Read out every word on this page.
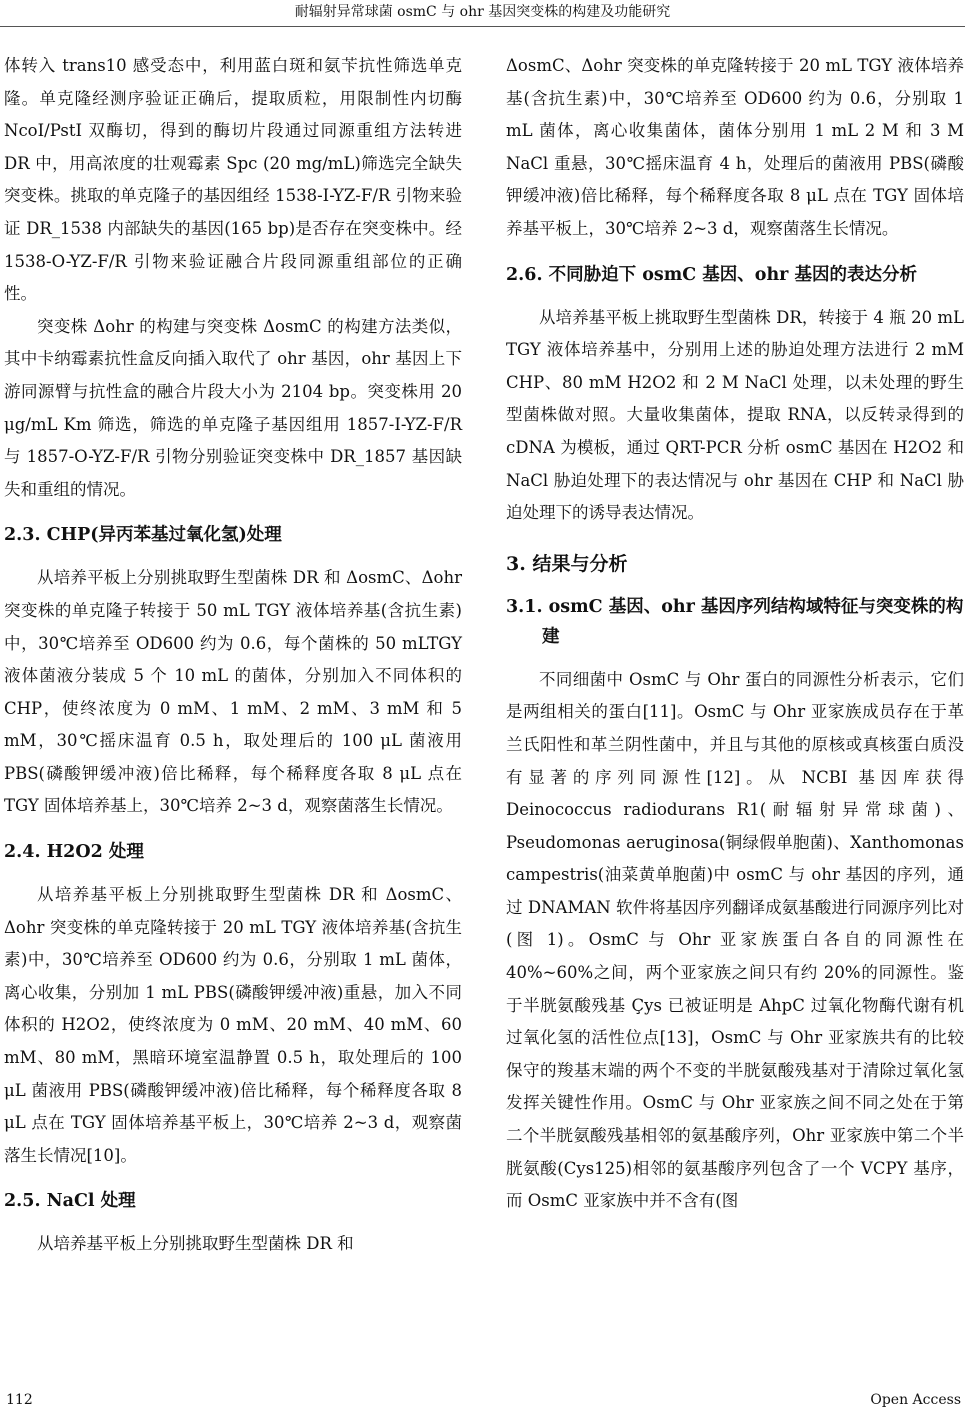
耐辐射异常球菌 osmC 与 ohr 基因突变株的构建及功能研究

体转入 trans10 感受态中，利用蓝白斑和氨苄抗性筛选单克隆。单克隆经测序验证正确后，提取质粒，用限制性内切酶 NcoI/PstI 双酶切，得到的酶切片段通过同源重组方法转进 DR 中，用高浓度的壮观霉素 Spc (20 mg/mL)筛选完全缺失突变株。挑取的单克隆子的基因组经 1538-I-YZ-F/R 引物来验证 DR_1538 内部缺失的基因(165 bp)是否存在突变株中。经 1538-O-YZ-F/R 引物来验证融合片段同源重组部位的正确性。

突变株 Δohr 的构建与突变株 ΔosmC 的构建方法类似，其中卡纳霉素抗性盒反向插入取代了 ohr 基因，ohr 基因上下游同源臂与抗性盒的融合片段大小为 2104 bp。突变株用 20 μg/mL Km 筛选，筛选的单克隆子基因组用 1857-I-YZ-F/R 与 1857-O-YZ-F/R 引物分别验证突变株中 DR_1857 基因缺失和重组的情况。

2.3. CHP(异丙苯基过氧化氢)处理

从培养平板上分别挑取野生型菌株 DR 和 ΔosmC、Δohr 突变株的单克隆子转接于 50 mL TGY 液体培养基(含抗生素)中，30℃培养至 OD600 约为 0.6，每个菌株的 50 mLTGY 液体菌液分装成 5 个 10 mL 的菌体，分别加入不同体积的 CHP，使终浓度为 0 mM、1 mM、2 mM、3 mM 和 5 mM，30℃摇床温育 0.5 h，取处理后的 100 μL 菌液用 PBS(磷酸钾缓冲液)倍比稀释，每个稀释度各取 8 μL 点在 TGY 固体培养基上，30℃培养 2~3 d，观察菌落生长情况。

2.4. H2O2 处理

从培养基平板上分别挑取野生型菌株 DR 和 ΔosmC、Δohr 突变株的单克隆转接于 20 mL TGY 液体培养基(含抗生素)中，30℃培养至 OD600 约为 0.6，分别取 1 mL 菌体，离心收集，分别加 1 mL PBS(磷酸钾缓冲液)重悬，加入不同体积的 H2O2，使终浓度为 0 mM、20 mM、40 mM、60 mM、80 mM，黑暗环境室温静置 0.5 h，取处理后的 100 μL 菌液用 PBS(磷酸钾缓冲液)倍比稀释，每个稀释度各取 8 μL 点在 TGY 固体培养基平板上，30℃培养 2~3 d，观察菌落生长情况[10]。

2.5. NaCl 处理

从培养基平板上分别挑取野生型菌株 DR 和

ΔosmC、Δohr 突变株的单克隆转接于 20 mL TGY 液体培养基(含抗生素)中，30℃培养至 OD600 约为 0.6，分别取 1 mL 菌体，离心收集菌体，菌体分别用 1 mL 2 M 和 3 M NaCl 重悬，30℃摇床温育 4 h，处理后的菌液用 PBS(磷酸钾缓冲液)倍比稀释，每个稀释度各取 8 μL 点在 TGY 固体培养基平板上，30℃培养 2~3 d，观察菌落生长情况。

2.6. 不同胁迫下 osmC 基因、ohr 基因的表达分析

从培养基平板上挑取野生型菌株 DR，转接于 4 瓶 20 mL TGY 液体培养基中，分别用上述的胁迫处理方法进行 2 mM CHP、80 mM H2O2 和 2 M NaCl 处理，以未处理的野生型菌株做对照。大量收集菌体，提取 RNA，以反转录得到的 cDNA 为模板，通过 QRT-PCR 分析 osmC 基因在 H2O2 和 NaCl 胁迫处理下的表达情况与 ohr 基因在 CHP 和 NaCl 胁迫处理下的诱导表达情况。

3. 结果与分析
3.1. osmC 基因、ohr 基因序列结构域特征与突变株的构建

不同细菌中 OsmC 与 Ohr 蛋白的同源性分析表示，它们是两组相关的蛋白[11]。OsmC 与 Ohr 亚家族成员存在于革兰氏阳性和革兰阴性菌中，并且与其他的原核或真核蛋白质没有显著的序列同源性[12]。从 NCBI 基因库获得 Deinococcus radiodurans R1(耐辐射异常球菌)、Pseudomonas aeruginosa(铜绿假单胞菌)、Xanthomonas campestris(油菜黄单胞菌)中 osmC 与 ohr 基因的序列，通过 DNAMAN 软件将基因序列翻译成氨基酸进行同源序列比对(图 1)。OsmC 与 Ohr 亚家族蛋白各自的同源性在 40%~60%之间，两个亚家族之间只有约 20%的同源性。鉴于半胱氨酸残基 Çys 已被证明是 AhpC 过氧化物酶代谢有机过氧化氢的活性位点[13]，OsmC 与 Ohr 亚家族共有的比较保守的羧基末端的两个不变的半胱氨酸残基对于清除过氧化氢发挥关键性作用。OsmC 与 Ohr 亚家族之间不同之处在于第二个半胱氨酸残基相邻的氨基酸序列，Ohr 亚家族中第二个半胱氨酸(Cys125)相邻的氨基酸序列包含了一个 VCPY 基序，而 OsmC 亚家族中并不含有(图

112	Open Access
